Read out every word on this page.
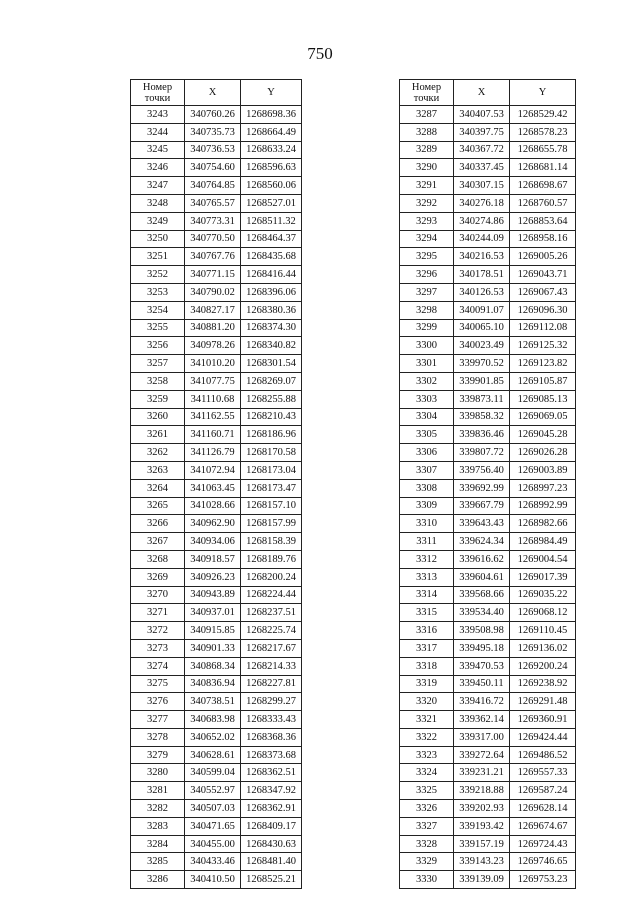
750
Номер точки	X	Y
3243	340760.26	1268698.36
3244	340735.73	1268664.49
3245	340736.53	1268633.24
3246	340754.60	1268596.63
3247	340764.85	1268560.06
3248	340765.57	1268527.01
3249	340773.31	1268511.32
3250	340770.50	1268464.37
3251	340767.76	1268435.68
3252	340771.15	1268416.44
3253	340790.02	1268396.06
3254	340827.17	1268380.36
3255	340881.20	1268374.30
3256	340978.26	1268340.82
3257	341010.20	1268301.54
3258	341077.75	1268269.07
3259	341110.68	1268255.88
3260	341162.55	1268210.43
3261	341160.71	1268186.96
3262	341126.79	1268170.58
3263	341072.94	1268173.04
3264	341063.45	1268173.47
3265	341028.66	1268157.10
3266	340962.90	1268157.99
3267	340934.06	1268158.39
3268	340918.57	1268189.76
3269	340926.23	1268200.24
3270	340943.89	1268224.44
3271	340937.01	1268237.51
3272	340915.85	1268225.74
3273	340901.33	1268217.67
3274	340868.34	1268214.33
3275	340836.94	1268227.81
3276	340738.51	1268299.27
3277	340683.98	1268333.43
3278	340652.02	1268368.36
3279	340628.61	1268373.68
3280	340599.04	1268362.51
3281	340552.97	1268347.92
3282	340507.03	1268362.91
3283	340471.65	1268409.17
3284	340455.00	1268430.63
3285	340433.46	1268481.40
3286	340410.50	1268525.21
Номер точки	X	Y
3287	340407.53	1268529.42
3288	340397.75	1268578.23
3289	340367.72	1268655.78
3290	340337.45	1268681.14
3291	340307.15	1268698.67
3292	340276.18	1268760.57
3293	340274.86	1268853.64
3294	340244.09	1268958.16
3295	340216.53	1269005.26
3296	340178.51	1269043.71
3297	340126.53	1269067.43
3298	340091.07	1269096.30
3299	340065.10	1269112.08
3300	340023.49	1269125.32
3301	339970.52	1269123.82
3302	339901.85	1269105.87
3303	339873.11	1269085.13
3304	339858.32	1269069.05
3305	339836.46	1269045.28
3306	339807.72	1269026.28
3307	339756.40	1269003.89
3308	339692.99	1268997.23
3309	339667.79	1268992.99
3310	339643.43	1268982.66
3311	339624.34	1268984.49
3312	339616.62	1269004.54
3313	339604.61	1269017.39
3314	339568.66	1269035.22
3315	339534.40	1269068.12
3316	339508.98	1269110.45
3317	339495.18	1269136.02
3318	339470.53	1269200.24
3319	339450.11	1269238.92
3320	339416.72	1269291.48
3321	339362.14	1269360.91
3322	339317.00	1269424.44
3323	339272.64	1269486.52
3324	339231.21	1269557.33
3325	339218.88	1269587.24
3326	339202.93	1269628.14
3327	339193.42	1269674.67
3328	339157.19	1269724.43
3329	339143.23	1269746.65
3330	339139.09	1269753.23
